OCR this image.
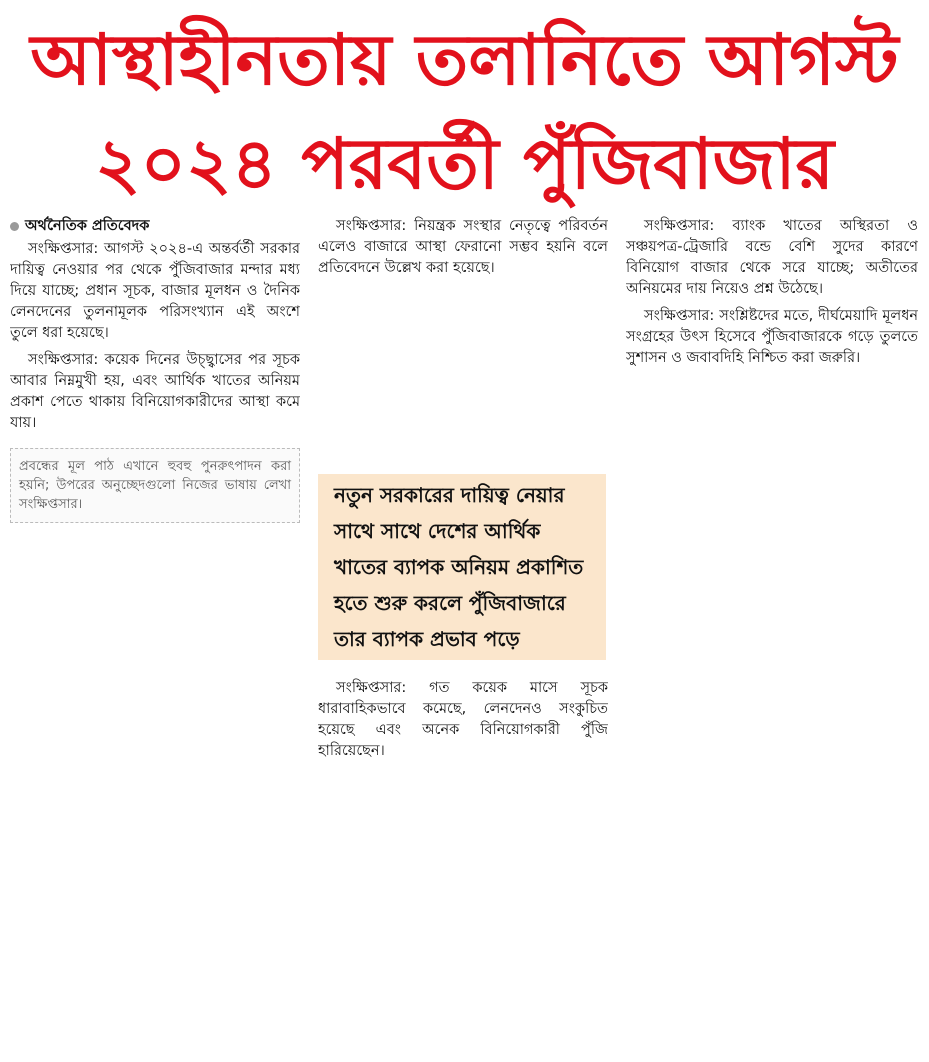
আস্থাহীনতায় তলানিতে আগস্ট
২০২৪ পরবর্তী পুঁজিবাজার
অর্থনৈতিক প্রতিবেদক

সংক্ষিপ্তসার: আগস্ট ২০২৪-এ অন্তর্বর্তী সরকার দায়িত্ব নেওয়ার পর থেকে পুঁজিবাজার মন্দার মধ্য দিয়ে যাচ্ছে; প্রধান সূচক, বাজার মূলধন ও দৈনিক লেনদেনের তুলনামূলক পরিসংখ্যান এই অংশে তুলে ধরা হয়েছে।

সংক্ষিপ্তসার: কয়েক দিনের উচ্ছ্বাসের পর সূচক আবার নিম্নমুখী হয়, এবং আর্থিক খাতের অনিয়ম প্রকাশ পেতে থাকায় বিনিয়োগকারীদের আস্থা কমে যায়।

প্রবন্ধের মূল পাঠ এখানে হুবহু পুনরুৎপাদন করা হয়নি; উপরের অনুচ্ছেদগুলো নিজের ভাষায় লেখা সংক্ষিপ্তসার।

সংক্ষিপ্তসার: নিয়ন্ত্রক সংস্থার নেতৃত্বে পরিবর্তন এলেও বাজারে আস্থা ফেরানো সম্ভব হয়নি বলে প্রতিবেদনে উল্লেখ করা হয়েছে।

নতুন সরকারের দায়িত্ব নেয়ার সাথে সাথে দেশের আর্থিক খাতের ব্যাপক অনিয়ম প্রকাশিত হতে শুরু করলে পুঁজিবাজারে তার ব্যাপক প্রভাব পড়ে

সংক্ষিপ্তসার: গত কয়েক মাসে সূচক ধারাবাহিকভাবে কমেছে, লেনদেনও সংকুচিত হয়েছে এবং অনেক বিনিয়োগকারী পুঁজি হারিয়েছেন।

সংক্ষিপ্তসার: ব্যাংক খাতের অস্থিরতা ও সঞ্চয়পত্র-ট্রেজারি বন্ডে বেশি সুদের কারণে বিনিয়োগ বাজার থেকে সরে যাচ্ছে; অতীতের অনিয়মের দায় নিয়েও প্রশ্ন উঠেছে।

সংক্ষিপ্তসার: সংশ্লিষ্টদের মতে, দীর্ঘমেয়াদি মূলধন সংগ্রহের উৎস হিসেবে পুঁজিবাজারকে গড়ে তুলতে সুশাসন ও জবাবদিহি নিশ্চিত করা জরুরি।
